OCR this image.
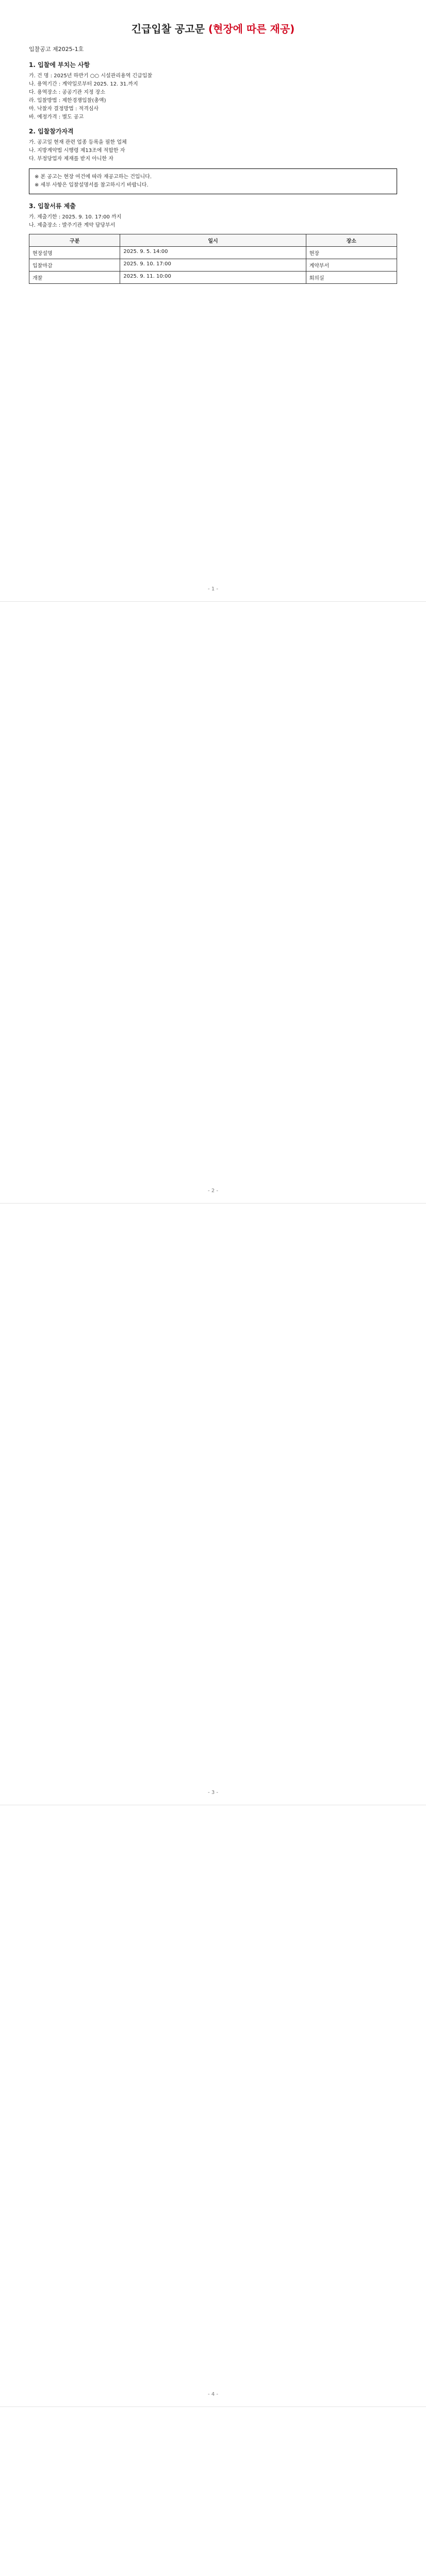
긴급입찰 공고문 (현장에 따른 재공)
입찰공고 제2025-1호
1. 입찰에 부치는 사항
가. 건 명 : 2025년 하반기 ○○ 시설관리용역 긴급입찰
나. 용역기간 : 계약일로부터 2025. 12. 31.까지
다. 용역장소 : 공공기관 지정 장소
라. 입찰방법 : 제한경쟁입찰(총액)
마. 낙찰자 결정방법 : 적격심사
바. 예정가격 : 별도 공고
2. 입찰참가자격
가. 공고일 현재 관련 업종 등록을 필한 업체
나. 지방계약법 시행령 제13조에 적합한 자
다. 부정당업자 제재를 받지 아니한 자
※ 본 공고는 현장 여건에 따라 재공고하는 건입니다.
※ 세부 사항은 입찰설명서를 참고하시기 바랍니다.
3. 입찰서류 제출
가. 제출기한 : 2025. 9. 10. 17:00 까지
나. 제출장소 : 발주기관 계약 담당부서
구분	일시	장소
현장설명	2025. 9. 5. 14:00	현장
입찰마감	2025. 9. 10. 17:00	계약부서
개찰	2025. 9. 11. 10:00	회의실
- 1 -
- 2 -
- 3 -
- 4 -
